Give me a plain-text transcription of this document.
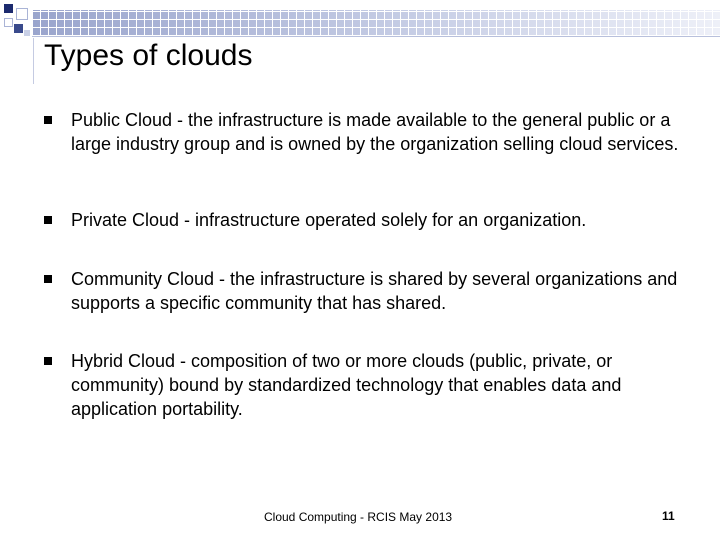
Types of clouds

Public Cloud - the infrastructure is made available to the general public or a large industry group and is owned by the organization selling cloud services.

Private Cloud - infrastructure operated solely for an organization.

Community Cloud - the infrastructure is shared by several organizations and supports a specific community that has shared.

Hybrid Cloud - composition of two or more clouds (public, private, or community) bound by standardized technology that enables data and application portability.

Cloud Computing - RCIS May 2013	11
